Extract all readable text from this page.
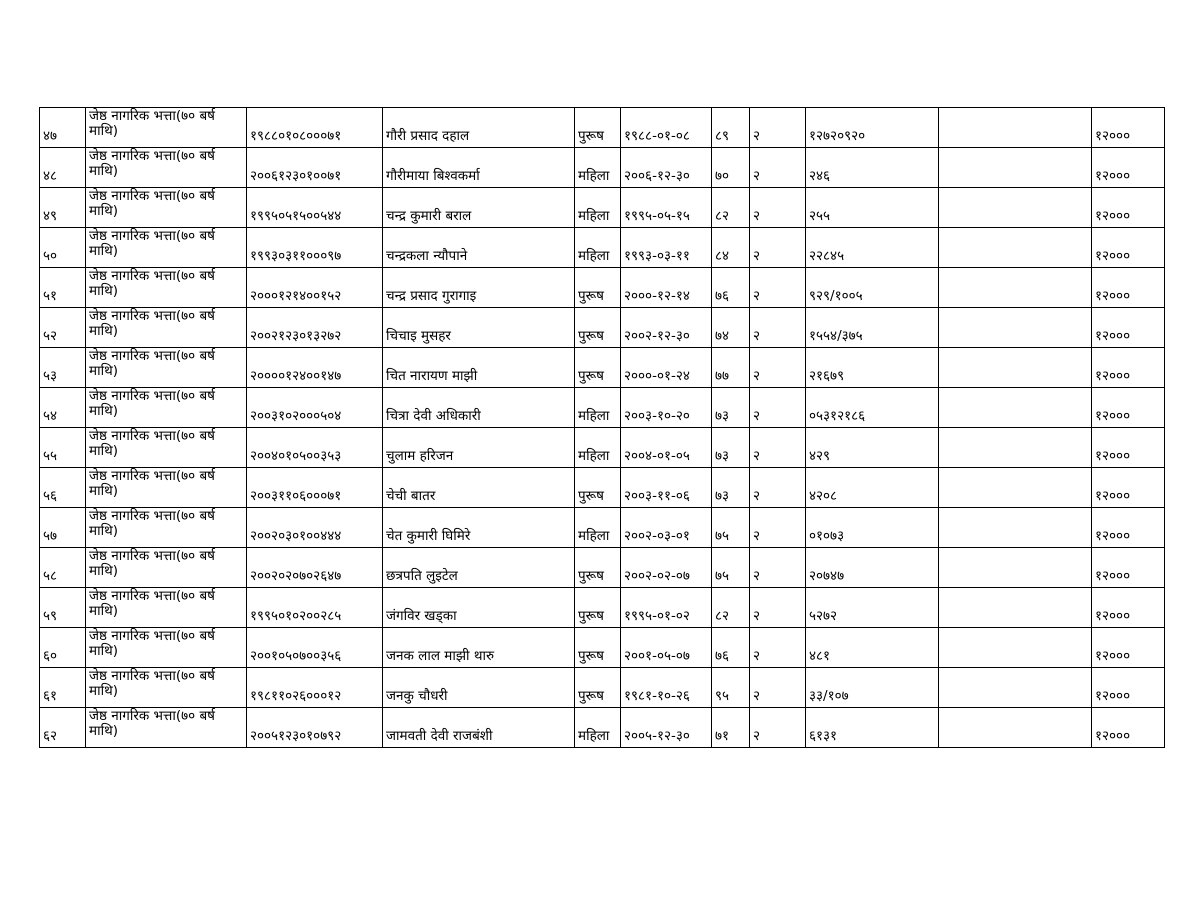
४७	जेष्ठ नागरिक भत्ता(७० बर्ष माथि)	१९८८०१०८०००७१	गौरी प्रसाद दहाल	पुरूष	१९८८-०१-०८	८९	२	१२७२०९२०		१२०००
४८	जेष्ठ नागरिक भत्ता(७० बर्ष माथि)	२००६१२३०१००७१	गौरीमाया बिश्वकर्मा	महिला	२००६-१२-३०	७०	२	२४६		१२०००
४९	जेष्ठ नागरिक भत्ता(७० बर्ष माथि)	१९९५०५१५००५४४	चन्द्र कुमारी बराल	महिला	१९९५-०५-१५	८२	२	२५५		१२०००
५०	जेष्ठ नागरिक भत्ता(७० बर्ष माथि)	१९९३०३११०००९७	चन्द्रकला न्यौपाने	महिला	१९९३-०३-११	८४	२	२२८४५		१२०००
५१	जेष्ठ नागरिक भत्ता(७० बर्ष माथि)	२०००१२१४००१५२	चन्द्र प्रसाद गुरागाइ	पुरूष	२०००-१२-१४	७६	२	९२९/१००५		१२०००
५२	जेष्ठ नागरिक भत्ता(७० बर्ष माथि)	२००२१२३०१३२७२	चिचाइ मुसहर	पुरूष	२००२-१२-३०	७४	२	१५५४/३७५		१२०००
५३	जेष्ठ नागरिक भत्ता(७० बर्ष माथि)	२००००१२४००१४७	चित नारायण माझी	पुरूष	२०००-०१-२४	७७	२	२१६७९		१२०००
५४	जेष्ठ नागरिक भत्ता(७० बर्ष माथि)	२००३१०२०००५०४	चित्रा देवी अधिकारी	महिला	२००३-१०-२०	७३	२	०५३१२१८६		१२०००
५५	जेष्ठ नागरिक भत्ता(७० बर्ष माथि)	२००४०१०५००३५३	चुलाम हरिजन	महिला	२००४-०१-०५	७३	२	४२९		१२०००
५६	जेष्ठ नागरिक भत्ता(७० बर्ष माथि)	२००३११०६०००७१	चेची बातर	पुरूष	२००३-११-०६	७३	२	४२०८		१२०००
५७	जेष्ठ नागरिक भत्ता(७० बर्ष माथि)	२००२०३०१००४४४	चेत कुमारी घिमिरे	महिला	२००२-०३-०१	७५	२	०१०७३		१२०००
५८	जेष्ठ नागरिक भत्ता(७० बर्ष माथि)	२००२०२०७०२६४७	छत्रपति लुइटेल	पुरूष	२००२-०२-०७	७५	२	२०७४७		१२०००
५९	जेष्ठ नागरिक भत्ता(७० बर्ष माथि)	१९९५०१०२००२८५	जंगविर खड्का	पुरूष	१९९५-०१-०२	८२	२	५२७२		१२०००
६०	जेष्ठ नागरिक भत्ता(७० बर्ष माथि)	२००१०५०७००३५६	जनक लाल माझी थारु	पुरूष	२००१-०५-०७	७६	२	४८१		१२०००
६१	जेष्ठ नागरिक भत्ता(७० बर्ष माथि)	१९८११०२६०००१२	जनकु चौधरी	पुरूष	१९८१-१०-२६	९५	२	३३/१०७		१२०००
६२	जेष्ठ नागरिक भत्ता(७० बर्ष माथि)	२००५१२३०१०७९२	जामवती देवी राजबंशी	महिला	२००५-१२-३०	७१	२	६१३१		१२०००
